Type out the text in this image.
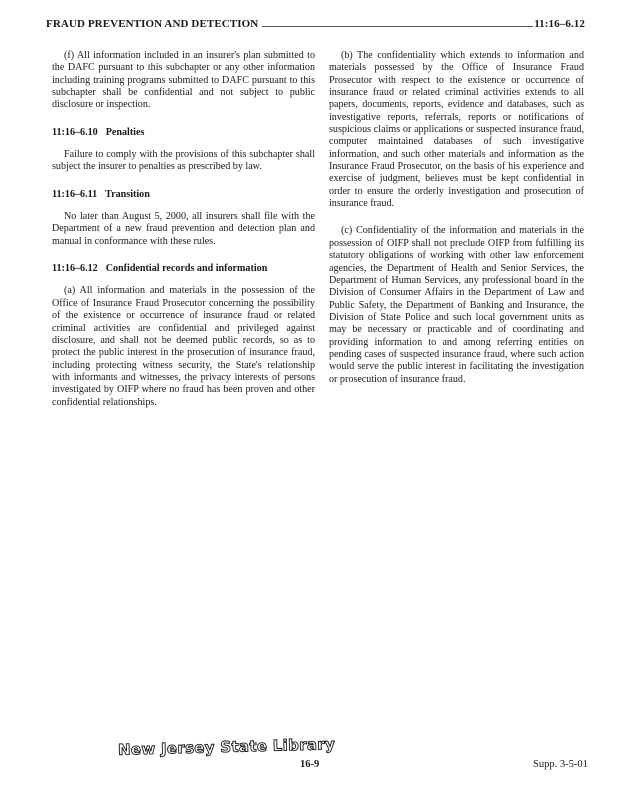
FRAUD PREVENTION AND DETECTION	11:16–6.12

(f) All information included in an insurer's plan submitted to the DAFC pursuant to this subchapter or any other information including training programs submitted to DAFC pursuant to this subchapter shall be confidential and not subject to public disclosure or inspection.

11:16–6.10 Penalties

Failure to comply with the provisions of this subchapter shall subject the insurer to penalties as prescribed by law.

11:16–6.11 Transition

No later than August 5, 2000, all insurers shall file with the Department of a new fraud prevention and detection plan and manual in conformance with these rules.

11:16–6.12 Confidential records and information

(a) All information and materials in the possession of the Office of Insurance Fraud Prosecutor concerning the possibility of the existence or occurrence of insurance fraud or related criminal activities are confidential and privileged against disclosure, and shall not be deemed public records, so as to protect the public interest in the prosecution of insurance fraud, including protecting witness security, the State's relationship with informants and witnesses, the privacy interests of persons investigated by OIFP where no fraud has been proven and other confidential relationships.

(b) The confidentiality which extends to information and materials possessed by the Office of Insurance Fraud Prosecutor with respect to the existence or occurrence of insurance fraud or related criminal activities extends to all papers, documents, reports, evidence and databases, such as investigative reports, referrals, reports or notifications of suspicious claims or applications or suspected insurance fraud, computer maintained databases of such investigative information, and such other materials and information as the Insurance Fraud Prosecutor, on the basis of his experience and exercise of judgment, believes must be kept confidential in order to ensure the orderly investigation and prosecution of insurance fraud.

(c) Confidentiality of the information and materials in the possession of OIFP shall not preclude OIFP from fulfilling its statutory obligations of working with other law enforcement agencies, the Department of Health and Senior Services, the Department of Human Services, any professional board in the Division of Consumer Affairs in the Department of Law and Public Safety, the Department of Banking and Insurance, the Division of State Police and such local government units as may be necessary or practicable and of coordinating and providing information to and among referring entities on pending cases of suspected insurance fraud, where such action would serve the public interest in facilitating the investigation or prosecution of insurance fraud.

New Jersey State Library
16-9	Supp. 3-5-01
